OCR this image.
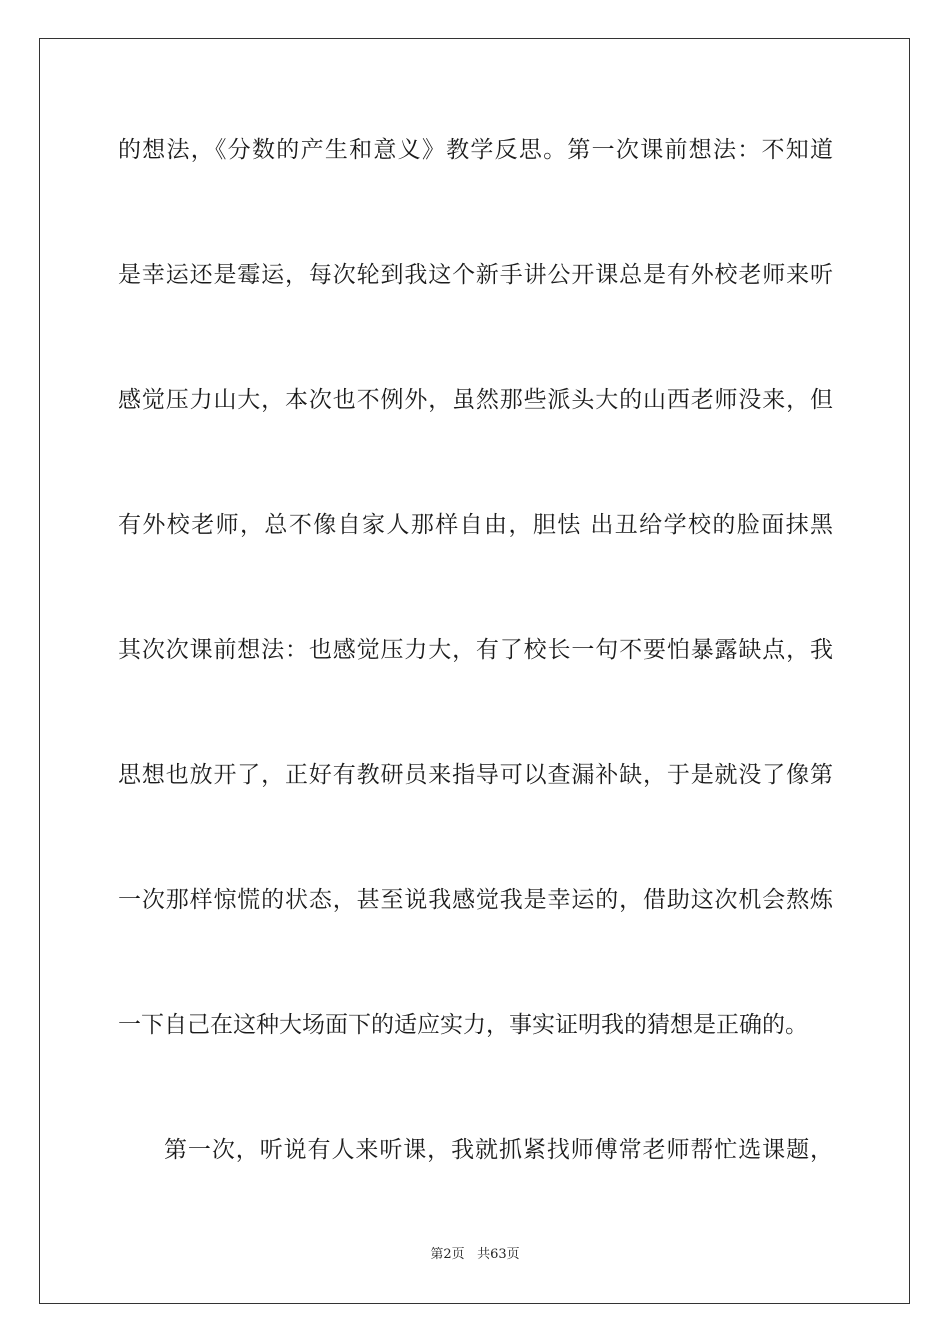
的想法，《分数的产生和意义》教学反思。第一次课前想法：不知道
是幸运还是霉运，每次轮到我这个新手讲公开课总是有外校老师来听
感觉压力山大，本次也不例外，虽然那些派头大的山西老师没来，但
有外校老师，总不像自家人那样自由，胆怯 出丑给学校的脸面抹黑
其次次课前想法：也感觉压力大，有了校长一句不要怕暴露缺点，我
思想也放开了，正好有教研员来指导可以查漏补缺，于是就没了像第
一次那样惊慌的状态，甚至说我感觉我是幸运的，借助这次机会熬炼
一下自己在这种大场面下的适应实力，事实证明我的猜想是正确的。
第一次，听说有人来听课，我就抓紧找师傅常老师帮忙选课题，
第2页 共63页
